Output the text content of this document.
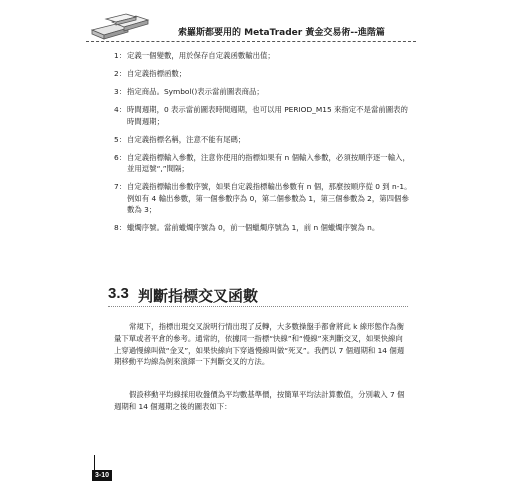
索羅斯都要用的 MetaTrader 黃金交易術--進階篇
1： 定義一個變數，用於保存自定義函數輸出值；
2： 自定義指標函數；
3： 指定商品。Symbol()表示當前圖表商品；
4： 時間週期，0 表示當前圖表時間週期，也可以用 PERIOD_M15 來指定不是當前圖表的時間週期；
5： 自定義指標名稱，注意不能有尾碼；
6： 自定義指標輸入參數，注意你使用的指標如果有 n 個輸入參數，必須按順序逐一輸入，並用逗號“,”間隔；
7： 自定義指標輸出參數序號，如果自定義指標輸出參數有 n 個，那麼按順序從 0 到 n-1。例如有 4 輸出參數，第一個參數序為 0，第二個參數為 1，第三個參數為 2，第四個參數為 3；
8： 蠟燭序號。當前蠟燭序號為 0，前一個蠟燭序號為 1，前 n 個蠟燭序號為 n。
3.3 判斷指標交叉函數

常規下，指標出現交叉說明行情出現了反轉，大多數操盤手都會將此 k 線形態作為衡量下單或者平倉的參考。通常的，依據同一指標“快線”和“慢線”來判斷交叉，如果快線向上穿過慢線叫做“金叉”，如果快線向下穿過慢線叫做“死叉”。我們以 7 個週期和 14 個週期移動平均線為例來演繹一下判斷交叉的方法。

假設移動平均線採用收盤價為平均數基準價，按簡單平均法計算數值，分別載入 7 個週期和 14 個週期之後的圖表如下：

3-10
